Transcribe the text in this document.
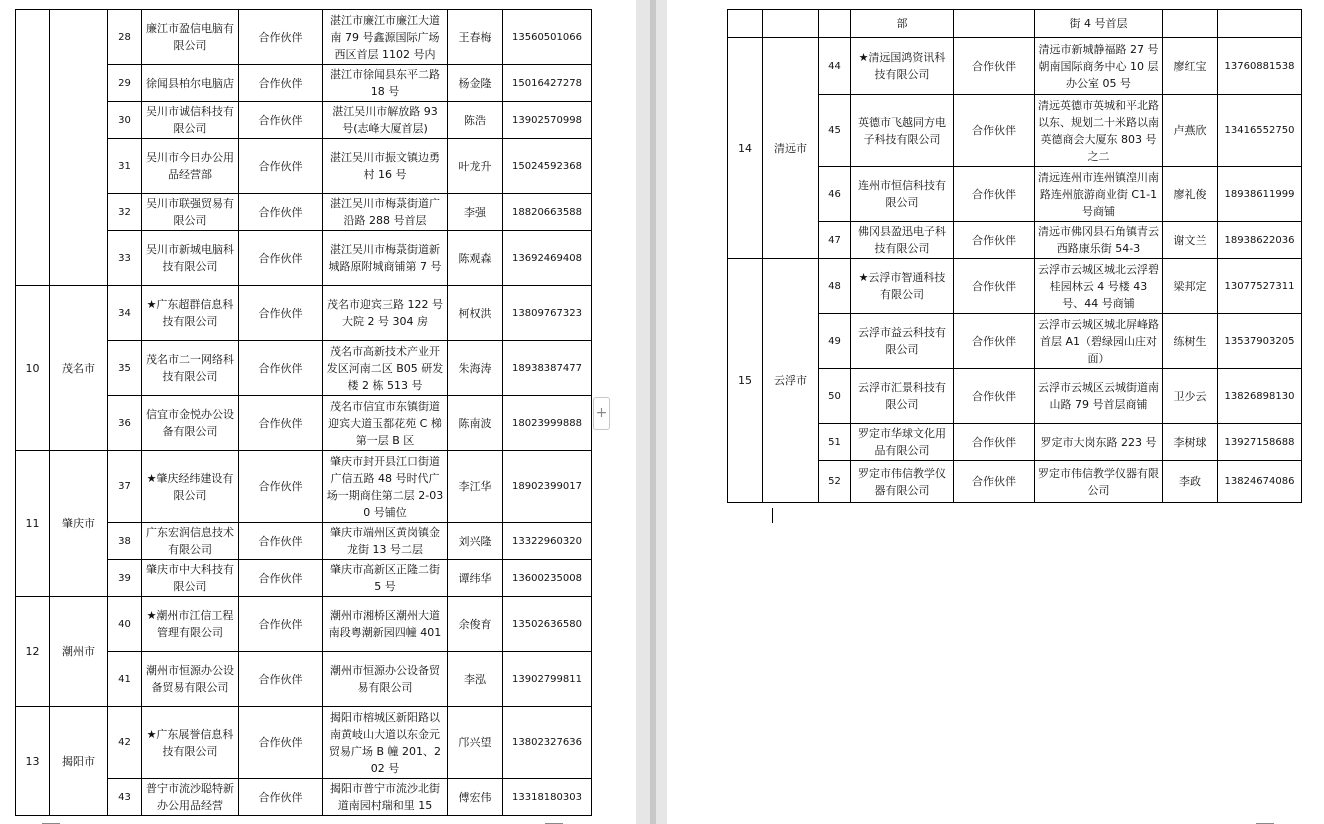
		28	廉江市盈信电脑有限公司	合作伙伴	湛江市廉江市廉江大道南 79 号鑫源国际广场西区首层 1102 号内	王春梅	13560501066
		29	徐闻县柏尔电脑店	合作伙伴	湛江市徐闻县东平二路 18 号	杨金隆	15016427278
		30	吴川市诚信科技有限公司	合作伙伴	湛江吴川市解放路 93 号(志峰大厦首层)	陈浩	13902570998
		31	吴川市今日办公用品经营部	合作伙伴	湛江吴川市振文镇边勇村 16 号	叶龙升	15024592368
		32	吴川市联强贸易有限公司	合作伙伴	湛江吴川市梅菉街道广沿路 288 号首层	李强	18820663588
		33	吴川市新城电脑科技有限公司	合作伙伴	湛江吴川市梅菉街道新城路原附城商铺第 7 号	陈观森	13692469408
10	茂名市	34	★广东超群信息科技有限公司	合作伙伴	茂名市迎宾三路 122 号大院 2 号 304 房	柯权洪	13809767323
		35	茂名市二一网络科技有限公司	合作伙伴	茂名市高新技术产业开发区河南二区 B05 研发楼 2 栋 513 号	朱海涛	18938387477
		36	信宜市金悦办公设备有限公司	合作伙伴	茂名市信宜市东镇街道迎宾大道玉都花苑 C 梯第一层 B 区	陈南波	18023999888
11	肇庆市	37	★肇庆经纬建设有限公司	合作伙伴	肇庆市封开县江口街道广信五路 48 号时代广场一期商住第二层 2-030 号铺位	李江华	18902399017
		38	广东宏润信息技术有限公司	合作伙伴	肇庆市端州区黄岗镇金龙街 13 号二层	刘兴隆	13322960320
		39	肇庆市中大科技有限公司	合作伙伴	肇庆市高新区正隆二街 5 号	谭纬华	13600235008
12	潮州市	40	★潮州市江信工程管理有限公司	合作伙伴	潮州市湘桥区潮州大道南段粤潮新园四幢 401	余俊育	13502636580
		41	潮州市恒源办公设备贸易有限公司	合作伙伴	潮州市恒源办公设备贸易有限公司	李泓	13902799811
13	揭阳市	42	★广东展誉信息科技有限公司	合作伙伴	揭阳市榕城区新阳路以南黄岐山大道以东金元贸易广场 B 幢 201、202 号	邝兴望	13802327636
		43	普宁市流沙聪特新办公用品经营	合作伙伴	揭阳市普宁市流沙北街道南园村瑞和里 15	傅宏伟	13318180303
+
			部		街 4 号首层		
14	清远市	44	★清远国鸿资讯科技有限公司	合作伙伴	清远市新城静福路 27 号朝南国际商务中心 10 层办公室 05 号	廖红宝	13760881538
		45	英德市飞越同方电子科技有限公司	合作伙伴	清远英德市英城和平北路以东、规划二十米路以南英德商会大厦东 803 号之二	卢燕欣	13416552750
		46	连州市恒信科技有限公司	合作伙伴	清远连州市连州镇湟川南路连州旅游商业街 C1-1 号商铺	廖礼俊	18938611999
		47	佛冈县盈迅电子科技有限公司	合作伙伴	清远市佛冈县石角镇青云西路康乐街 54-3	谢文兰	18938622036
15	云浮市	48	★云浮市智通科技有限公司	合作伙伴	云浮市云城区城北云浮碧桂园林云 4 号楼 43 号、44 号商铺	梁邦定	13077527311
		49	云浮市益云科技有限公司	合作伙伴	云浮市云城区城北屏峰路首层 A1（碧绿园山庄对面）	练树生	13537903205
		50	云浮市汇景科技有限公司	合作伙伴	云浮市云城区云城街道南山路 79 号首层商铺	卫少云	13826898130
		51	罗定市华球文化用品有限公司	合作伙伴	罗定市大岗东路 223 号	李树球	13927158688
		52	罗定市伟信教学仪器有限公司	合作伙伴	罗定市伟信教学仪器有限公司	李政	13824674086
